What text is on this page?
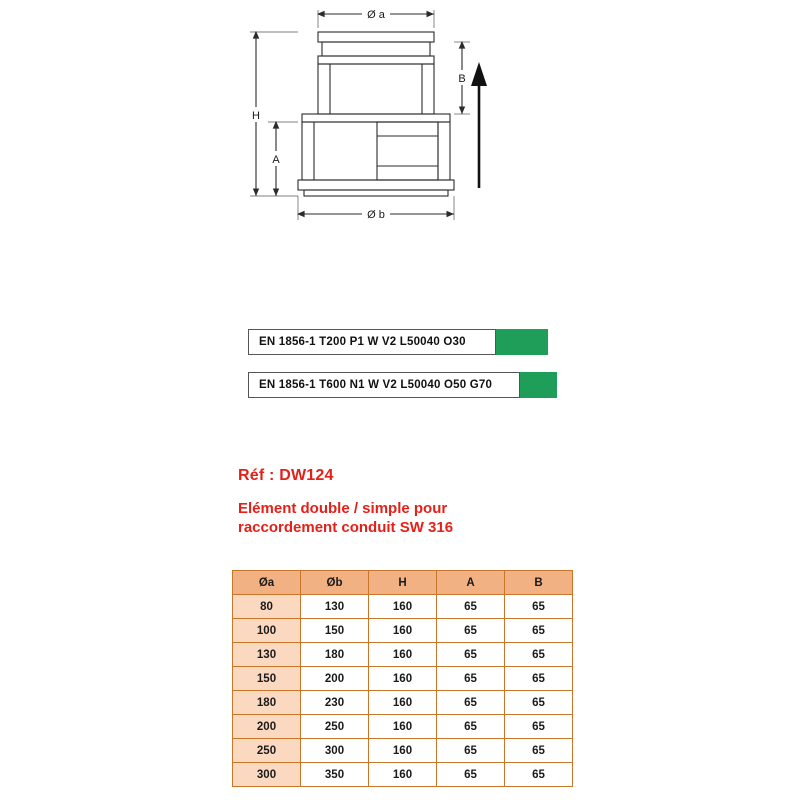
Ø a
Ø b
H
A
B
EN 1856-1 T200 P1 W V2 L50040 O30
EN 1856-1 T600 N1 W V2 L50040 O50 G70

Réf : DW124

Elément double / simple pour
raccordement conduit SW 316

Øa	Øb	H	A	B
80	130	160	65	65
100	150	160	65	65
130	180	160	65	65
150	200	160	65	65
180	230	160	65	65
200	250	160	65	65
250	300	160	65	65
300	350	160	65	65
